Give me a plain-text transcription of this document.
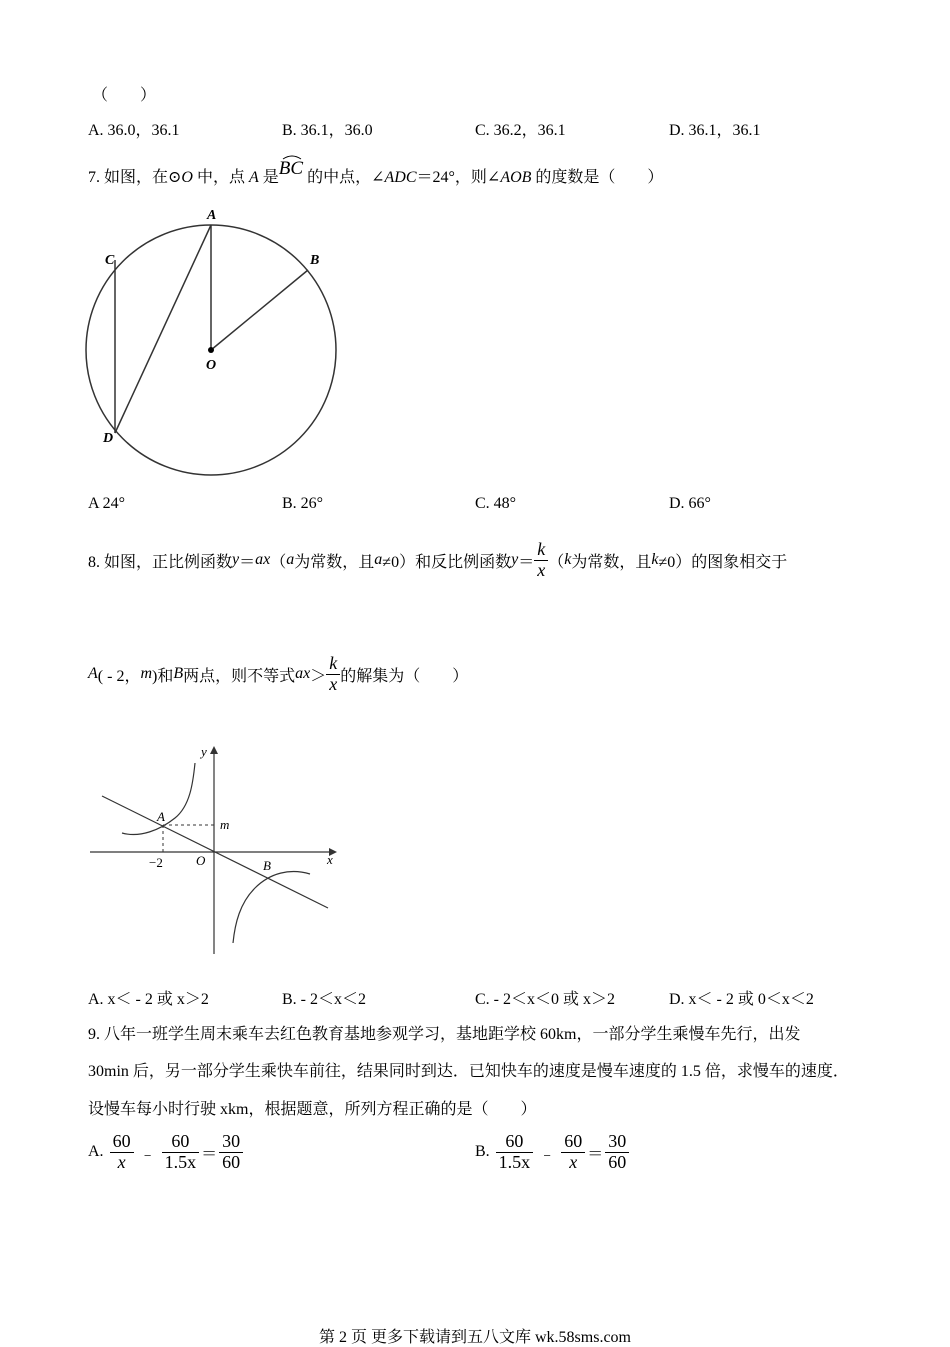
（　　）
A. 36.0，36.1	B. 36.1，36.0	C. 36.2，36.1	D. 36.1，36.1
7. 如图，在⊙O 中，点 A 是
BC 的中点，∠ADC＝24°，则∠AOB 的度数是（　　）
A
B
C
D
O
A 24°	B. 26°	C. 48°	D. 66°
8. 如图，正比例函数 y ＝ ax （ a 为常数，且 a ≠0）和反比例函数 $y = \frac{k}{x}$ （ k 为常数，且 k ≠0）的图象相交于
A ( - 2， m )和 B 两点，则不等式 ax ＞ $\frac{k}{x}$ 的解集为（　　）
y
x
A
B
O
m
−2
A. x＜ - 2 或 x＞2	B. - 2＜x＜2	C. - 2＜x＜0 或 x＞2	D. x＜ - 2 或 0＜x＜2
9. 八年一班学生周末乘车去红色教育基地参观学习，基地距学校 60km，一部分学生乘慢车先行，出发
30min 后，另一部分学生乘快车前往，结果同时到达．已知快车的速度是慢车速度的 1.5 倍，求慢车的速度．
设慢车每小时行驶 xkm，根据题意，所列方程正确的是（　　）
A. $\frac{60}{x}$ ﹣ $\frac{60}{1.5x} = \frac{30}{60}$	B. $\frac{60}{1.5x}$ ﹣ $\frac{60}{x} = \frac{30}{60}$
第 2 页 更多下载请到五八文库 wk.58sms.com
